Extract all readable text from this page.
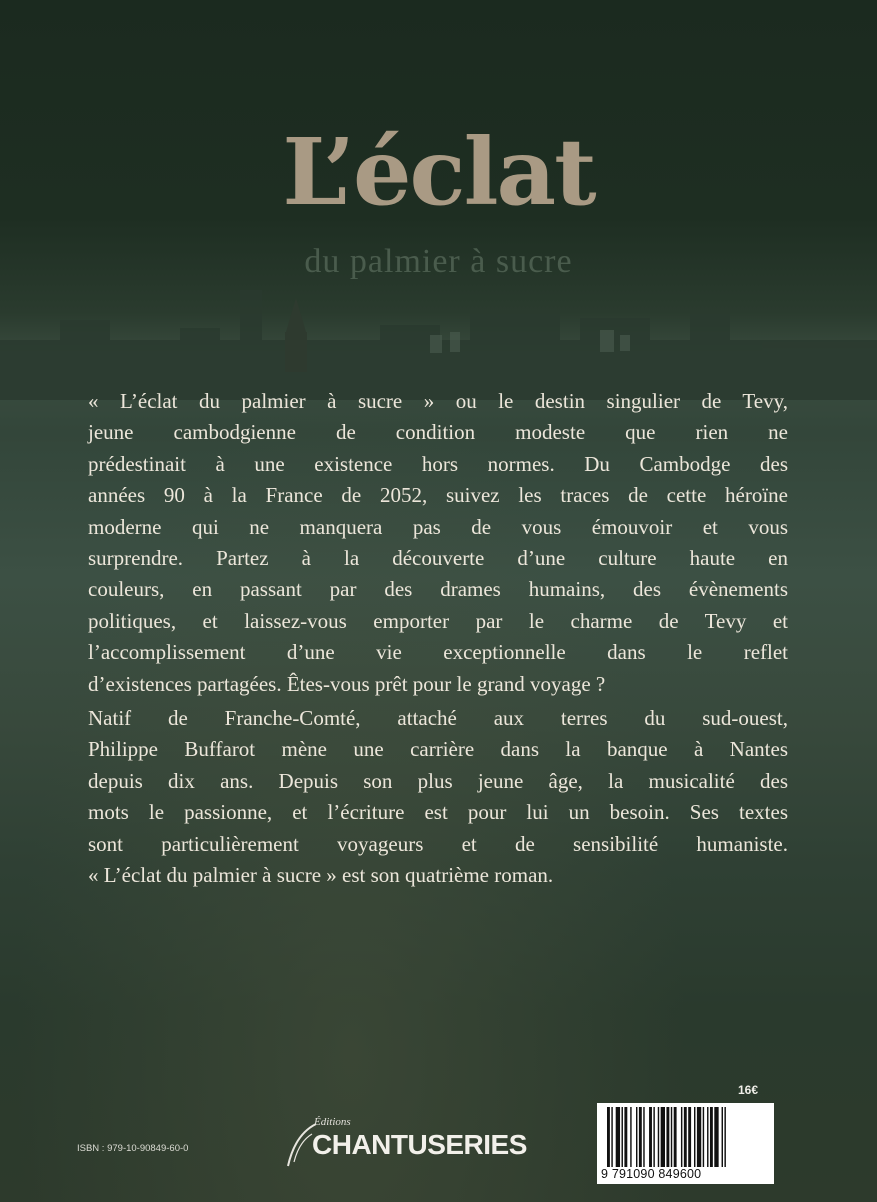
L’éclat
du palmier à sucre
« L’éclat du palmier à sucre » ou le destin singulier de Tevy,
jeune cambodgienne de condition modeste que rien ne
prédestinait à une existence hors normes. Du Cambodge des
années 90 à la France de 2052, suivez les traces de cette héroïne
moderne qui ne manquera pas de vous émouvoir et vous
surprendre. Partez à la découverte d’une culture haute en
couleurs, en passant par des drames humains, des évènements
politiques, et laissez-vous emporter par le charme de Tevy et
l’accomplissement d’une vie exceptionnelle dans le reflet
d’existences partagées. Êtes-vous prêt pour le grand voyage ?
Natif de Franche-Comté, attaché aux terres du sud-ouest,
Philippe Buffarot mène une carrière dans la banque à Nantes
depuis dix ans. Depuis son plus jeune âge, la musicalité des
mots le passionne, et l’écriture est pour lui un besoin. Ses textes
sont particulièrement voyageurs et de sensibilité humaniste.
« L’éclat du palmier à sucre » est son quatrième roman.
ISBN : 979-10-90849-60-0
Éditions
CHANTUSERIES
16€
9 791090 849600
